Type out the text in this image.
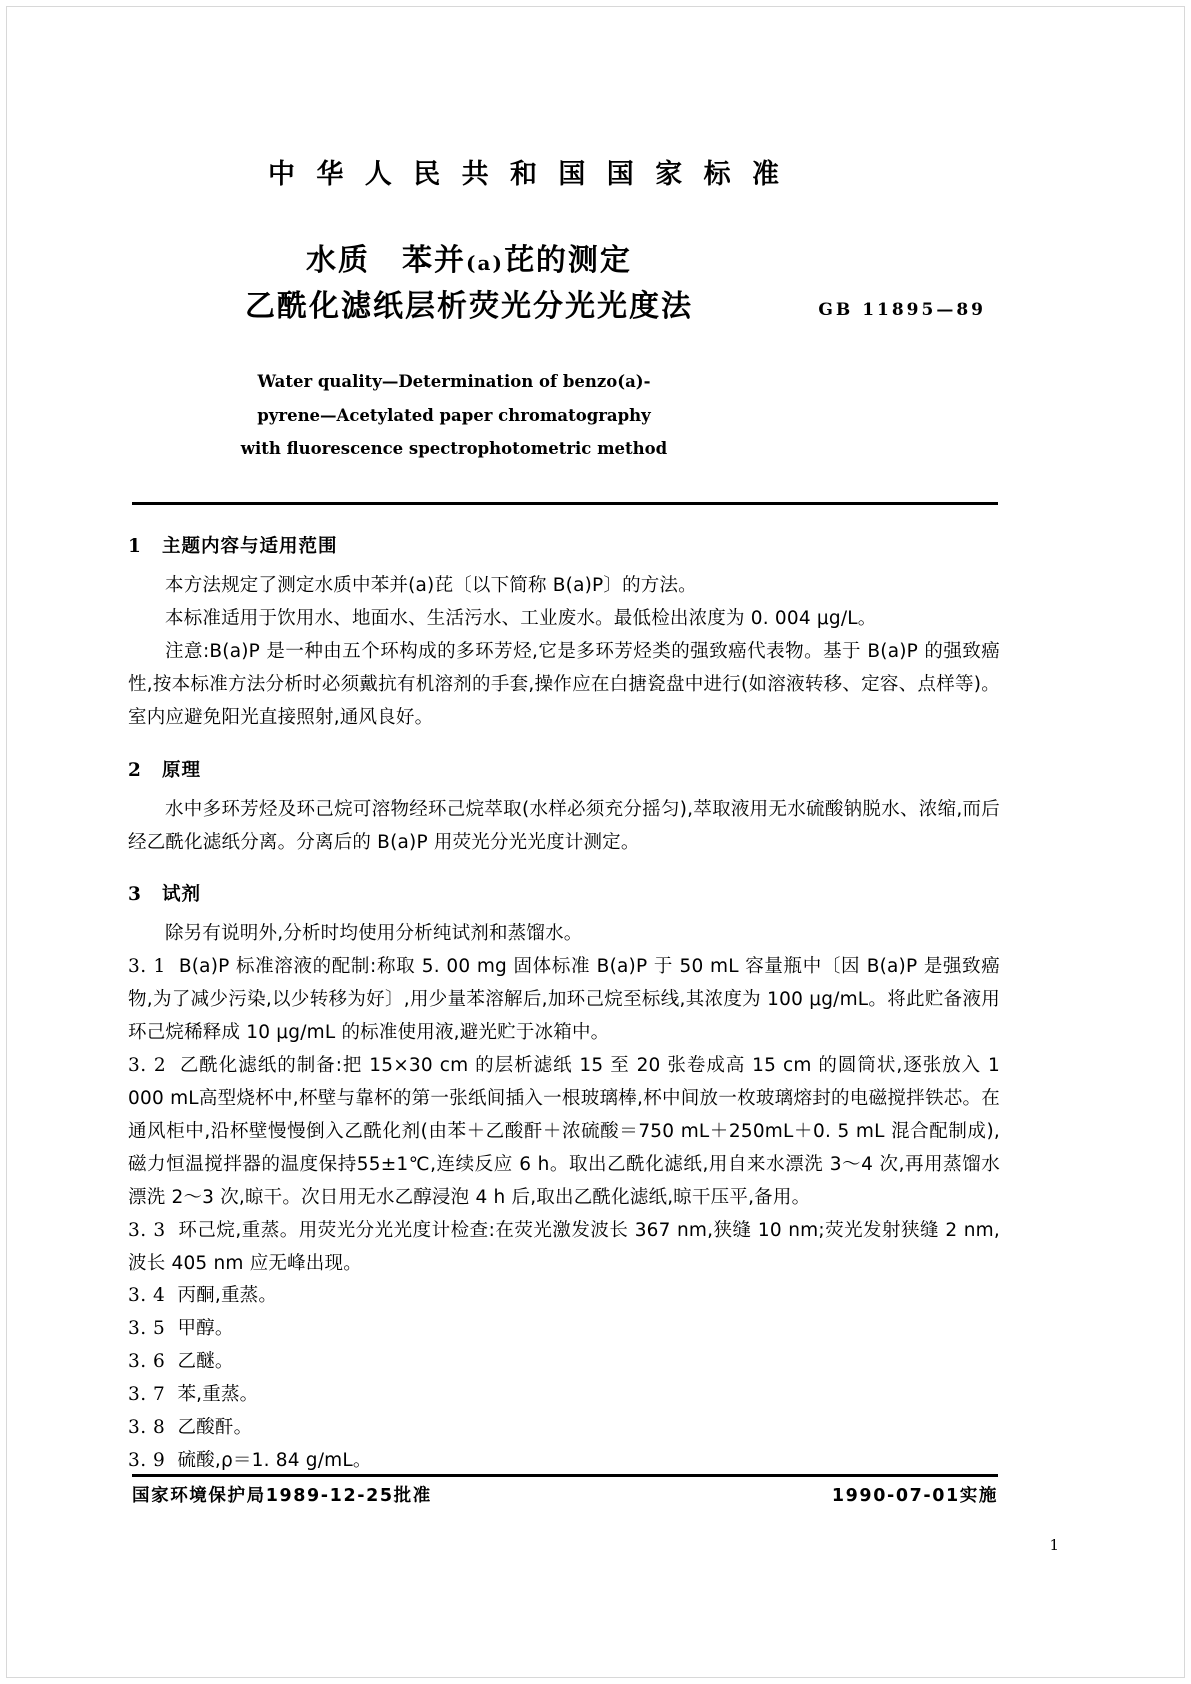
中 华 人 民 共 和 国 国 家 标 准
水质　苯并(a)芘的测定
乙酰化滤纸层析荧光分光光度法	GB 11895—89
Water quality—Determination of benzo(a)-
pyrene—Acetylated paper chromatography
with fluorescence spectrophotometric method
1 主题内容与适用范围

本方法规定了测定水质中苯并(a)芘〔以下简称 B(a)P〕的方法。

本标准适用于饮用水、地面水、生活污水、工业废水。最低检出浓度为 0. 004 μg/L。

注意:B(a)P 是一种由五个环构成的多环芳烃,它是多环芳烃类的强致癌代表物。基于 B(a)P 的强致癌性,按本标准方法分析时必须戴抗有机溶剂的手套,操作应在白搪瓷盘中进行(如溶液转移、定容、点样等)。室内应避免阳光直接照射,通风良好。

2 原理

水中多环芳烃及环己烷可溶物经环己烷萃取(水样必须充分摇匀),萃取液用无水硫酸钠脱水、浓缩,而后经乙酰化滤纸分离。分离后的 B(a)P 用荧光分光光度计测定。

3 试剂

除另有说明外,分析时均使用分析纯试剂和蒸馏水。

3. 1 B(a)P 标准溶液的配制:称取 5. 00 mg 固体标准 B(a)P 于 50 mL 容量瓶中〔因 B(a)P 是强致癌物,为了减少污染,以少转移为好〕,用少量苯溶解后,加环己烷至标线,其浓度为 100 μg/mL。将此贮备液用环己烷稀释成 10 μg/mL 的标准使用液,避光贮于冰箱中。

3. 2 乙酰化滤纸的制备:把 15×30 cm 的层析滤纸 15 至 20 张卷成高 15 cm 的圆筒状,逐张放入 1 000 mL高型烧杯中,杯壁与靠杯的第一张纸间插入一根玻璃棒,杯中间放一枚玻璃熔封的电磁搅拌铁芯。在通风柜中,沿杯壁慢慢倒入乙酰化剂(由苯＋乙酸酐＋浓硫酸＝750 mL＋250mL＋0. 5 mL 混合配制成),磁力恒温搅拌器的温度保持55±1℃,连续反应 6 h。取出乙酰化滤纸,用自来水漂洗 3～4 次,再用蒸馏水漂洗 2～3 次,晾干。次日用无水乙醇浸泡 4 h 后,取出乙酰化滤纸,晾干压平,备用。

3. 3 环己烷,重蒸。用荧光分光光度计检查:在荧光激发波长 367 nm,狭缝 10 nm;荧光发射狭缝 2 nm,波长 405 nm 应无峰出现。

3. 4 丙酮,重蒸。

3. 5 甲醇。

3. 6 乙醚。

3. 7 苯,重蒸。

3. 8 乙酸酐。

3. 9 硫酸,ρ＝1. 84 g/mL。

国家环境保护局1989-12-25批准	1990-07-01实施
1
